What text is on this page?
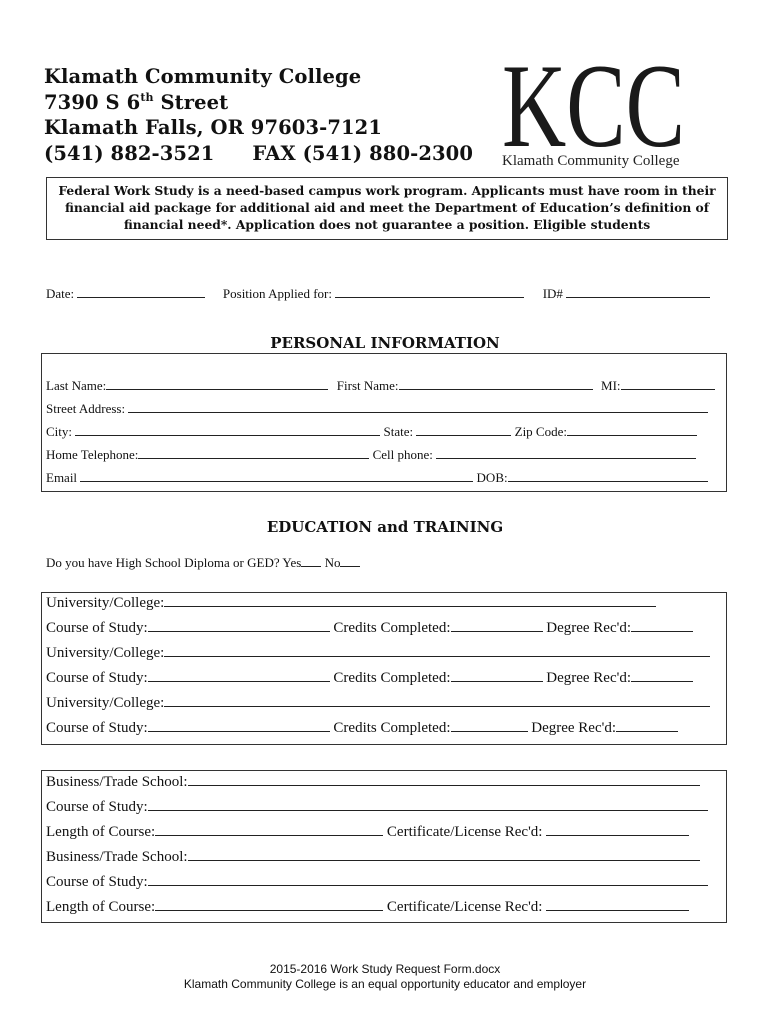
Klamath Community College
7390 S 6th Street
Klamath Falls, OR 97603-7121
(541) 882-3521 FAX (541) 880-2300 KCC
Klamath Community College

Federal Work Study is a need-based campus work program. Applicants must have room in their financial aid package for additional aid and meet the Department of Education’s definition of financial need*. Application does not guarantee a position. Eligible students

Date:	Position Applied for:	ID#
PERSONAL INFORMATION
Last Name:	First Name:	MI:
Street Address:
City:	State:	Zip Code:
Home Telephone:	Cell phone:
Email	DOB:
EDUCATION and TRAINING
Do you have High School Diploma or GED? Yes No
University/College:
Course of Study:	Credits Completed:	Degree Rec'd:
University/College:
Course of Study:	Credits Completed:	Degree Rec'd:
University/College:
Course of Study:	Credits Completed:	Degree Rec'd:
Business/Trade School:
Course of Study:
Length of Course:	Certificate/License Rec'd:
Business/Trade School:
Course of Study:
Length of Course:	Certificate/License Rec'd:
2015-2016 Work Study Request Form.docx
Klamath Community College is an equal opportunity educator and employer
